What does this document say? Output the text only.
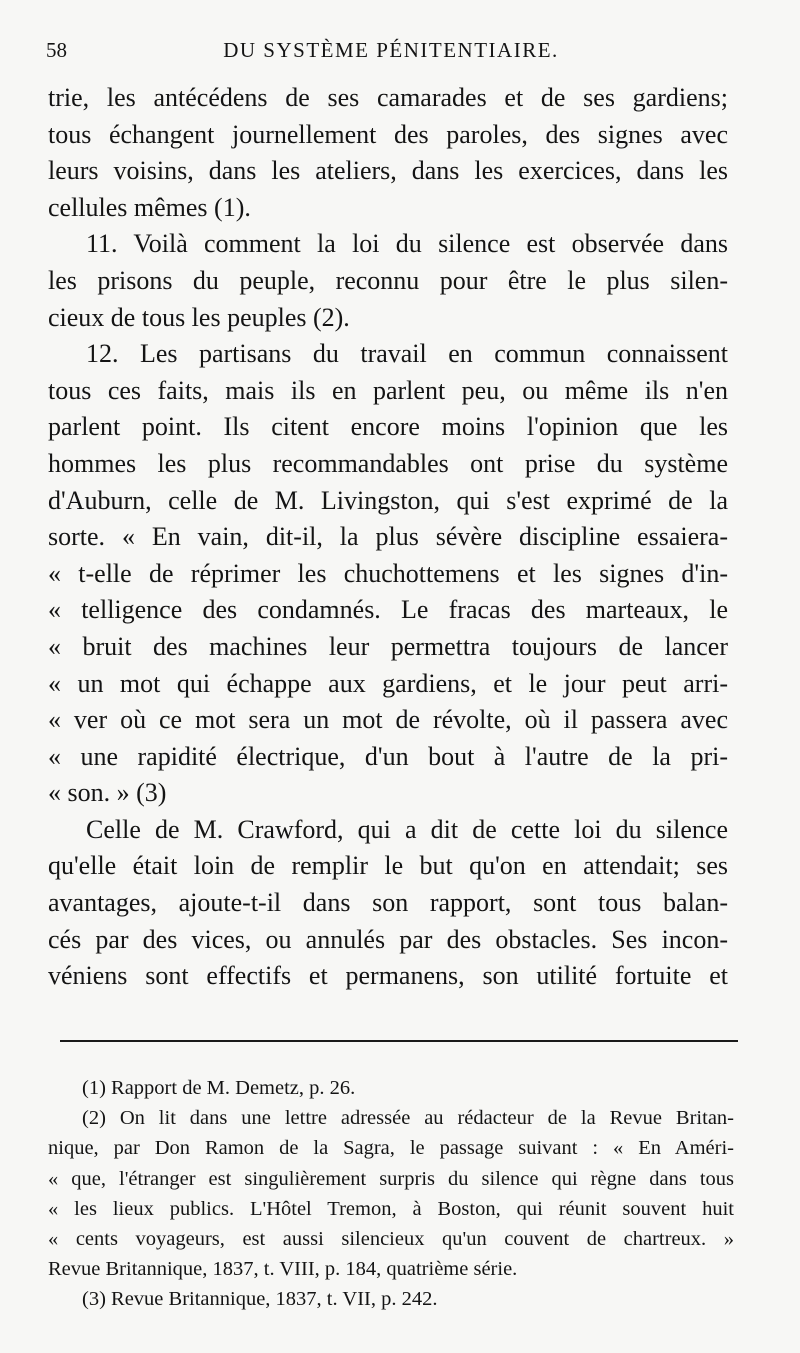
58	DU SYSTÈME PÉNITENTIAIRE.
trie, les antécédens de ses camarades et de ses gardiens;
tous échangent journellement des paroles, des signes avec
leurs voisins, dans les ateliers, dans les exercices, dans les
cellules mêmes (1).
11. Voilà comment la loi du silence est observée dans
les prisons du peuple, reconnu pour être le plus silen-
cieux de tous les peuples (2).
12. Les partisans du travail en commun connaissent
tous ces faits, mais ils en parlent peu, ou même ils n'en
parlent point. Ils citent encore moins l'opinion que les
hommes les plus recommandables ont prise du système
d'Auburn, celle de M. Livingston, qui s'est exprimé de la
sorte. « En vain, dit-il, la plus sévère discipline essaiera-
« t-elle de réprimer les chuchottemens et les signes d'in-
« telligence des condamnés. Le fracas des marteaux, le
« bruit des machines leur permettra toujours de lancer
« un mot qui échappe aux gardiens, et le jour peut arri-
« ver où ce mot sera un mot de révolte, où il passera avec
« une rapidité électrique, d'un bout à l'autre de la pri-
« son. » (3)
Celle de M. Crawford, qui a dit de cette loi du silence
qu'elle était loin de remplir le but qu'on en attendait; ses
avantages, ajoute-t-il dans son rapport, sont tous balan-
cés par des vices, ou annulés par des obstacles. Ses incon-
véniens sont effectifs et permanens, son utilité fortuite et
(1) Rapport de M. Demetz, p. 26.
(2) On lit dans une lettre adressée au rédacteur de la Revue Britan-
nique, par Don Ramon de la Sagra, le passage suivant : « En Améri-
« que, l'étranger est singulièrement surpris du silence qui règne dans tous
« les lieux publics. L'Hôtel Tremon, à Boston, qui réunit souvent huit
« cents voyageurs, est aussi silencieux qu'un couvent de chartreux. »
Revue Britannique, 1837, t. VIII, p. 184, quatrième série.
(3) Revue Britannique, 1837, t. VII, p. 242.
